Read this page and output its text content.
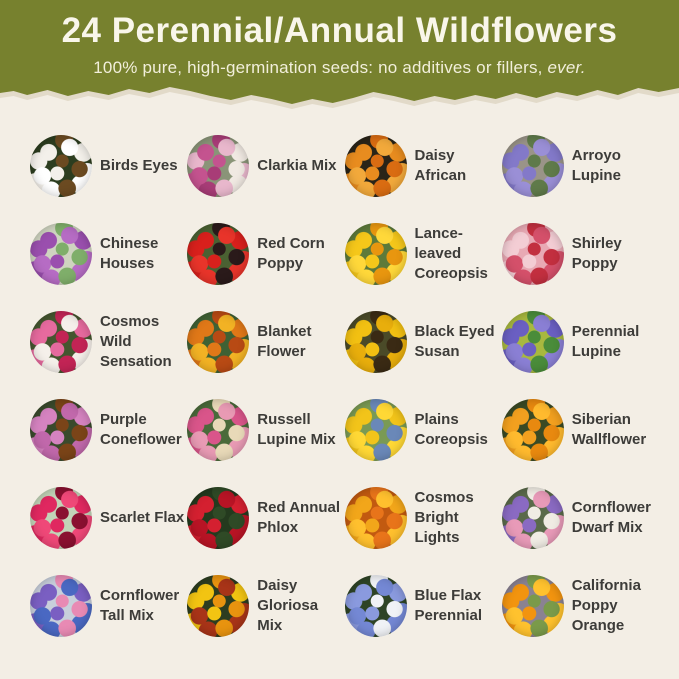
24 Perennial/Annual Wildflowers
100% pure, high-germination seeds: no additives or fillers, ever.
Birds Eyes	Clarkia Mix
Daisy African
Arroyo Lupine
Chinese Houses
Red Corn Poppy
Lance-leaved Coreopsis
Shirley Poppy
Cosmos Wild Sensation
Blanket Flower
Black Eyed Susan
Perennial Lupine
Purple Coneflower
Russell Lupine Mix
Plains Coreopsis
Siberian Wallflower
Scarlet Flax
Red Annual Phlox
Cosmos Bright Lights
Cornflower Dwarf Mix
Cornflower Tall Mix
Daisy Gloriosa Mix
Blue Flax Perennial
California Poppy Orange
